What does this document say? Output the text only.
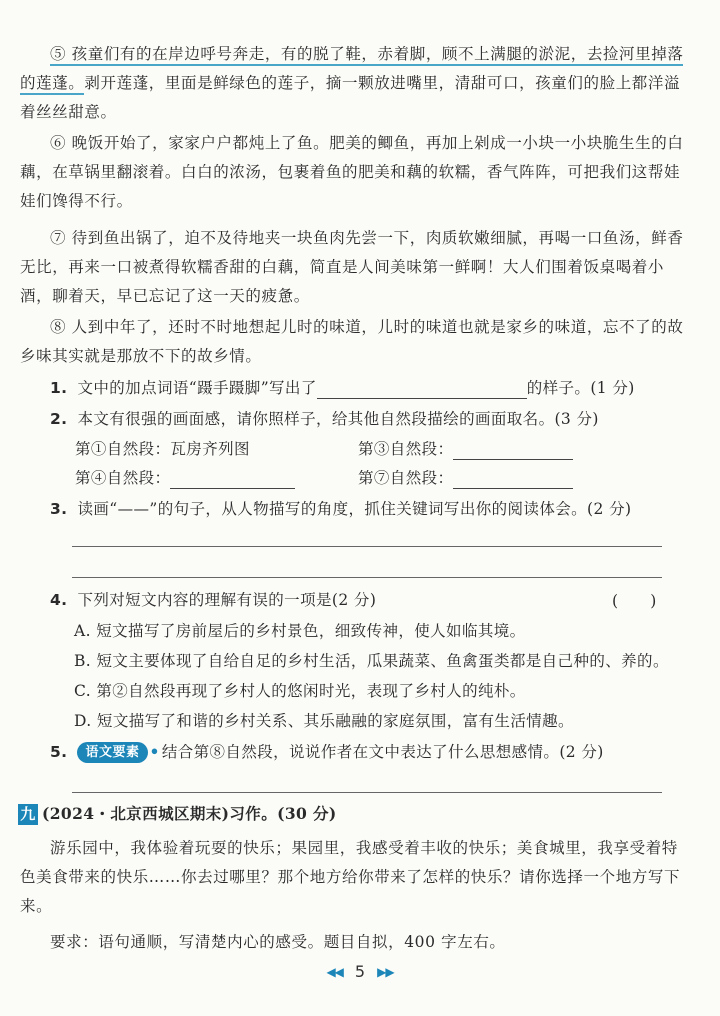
⑤ 孩童们有的在岸边呼号奔走，有的脱了鞋，赤着脚，顾不上满腿的淤泥，去捡河里掉落的莲蓬。剥开莲蓬，里面是鲜绿色的莲子，摘一颗放进嘴里，清甜可口，孩童们的脸上都洋溢着丝丝甜意。

⑥ 晚饭开始了，家家户户都炖上了鱼。肥美的鲫鱼，再加上剁成一小块一小块脆生生的白藕，在草锅里翻滚着。白白的浓汤，包裹着鱼的肥美和藕的软糯，香气阵阵，可把我们这帮娃娃们馋得不行。

⑦ 待到鱼出锅了，迫不及待地夹一块鱼肉先尝一下，肉质软嫩细腻，再喝一口鱼汤，鲜香无比，再来一口被煮得软糯香甜的白藕，简直是人间美味第一鲜啊！大人们围着饭桌喝着小酒，聊着天，早已忘记了这一天的疲惫。

⑧ 人到中年了，还时不时地想起儿时的味道，儿时的味道也就是家乡的味道，忘不了的故乡味其实就是那放不下的故乡情。

1. 文中的加点词语“蹑手蹑脚”写出了	的样子。(1 分)
2. 本文有很强的画面感，请你照样子，给其他自然段描绘的画面取名。(3 分)
第①自然段：瓦房齐列图	第③自然段：
第④自然段：	第⑦自然段：
3. 读画“——”的句子，从人物描写的角度，抓住关键词写出你的阅读体会。(2 分)
4. 下列对短文内容的理解有误的一项是(2 分)	(　　)
A. 短文描写了房前屋后的乡村景色，细致传神，使人如临其境。
B. 短文主要体现了自给自足的乡村生活，瓜果蔬菜、鱼禽蛋类都是自己种的、养的。
C. 第②自然段再现了乡村人的悠闲时光，表现了乡村人的纯朴。
D. 短文描写了和谐的乡村关系、其乐融融的家庭氛围，富有生活情趣。
5. 语文要素 • 结合第⑧自然段，说说作者在文中表达了什么思想感情。(2 分)
九 (2024・北京西城区期末)习作。(30 分)

游乐园中，我体验着玩耍的快乐；果园里，我感受着丰收的快乐；美食城里，我享受着特色美食带来的快乐……你去过哪里？那个地方给你带来了怎样的快乐？请你选择一个地方写下来。

要求：语句通顺，写清楚内心的感受。题目自拟，400 字左右。

◀◀ 5 ▶▶
